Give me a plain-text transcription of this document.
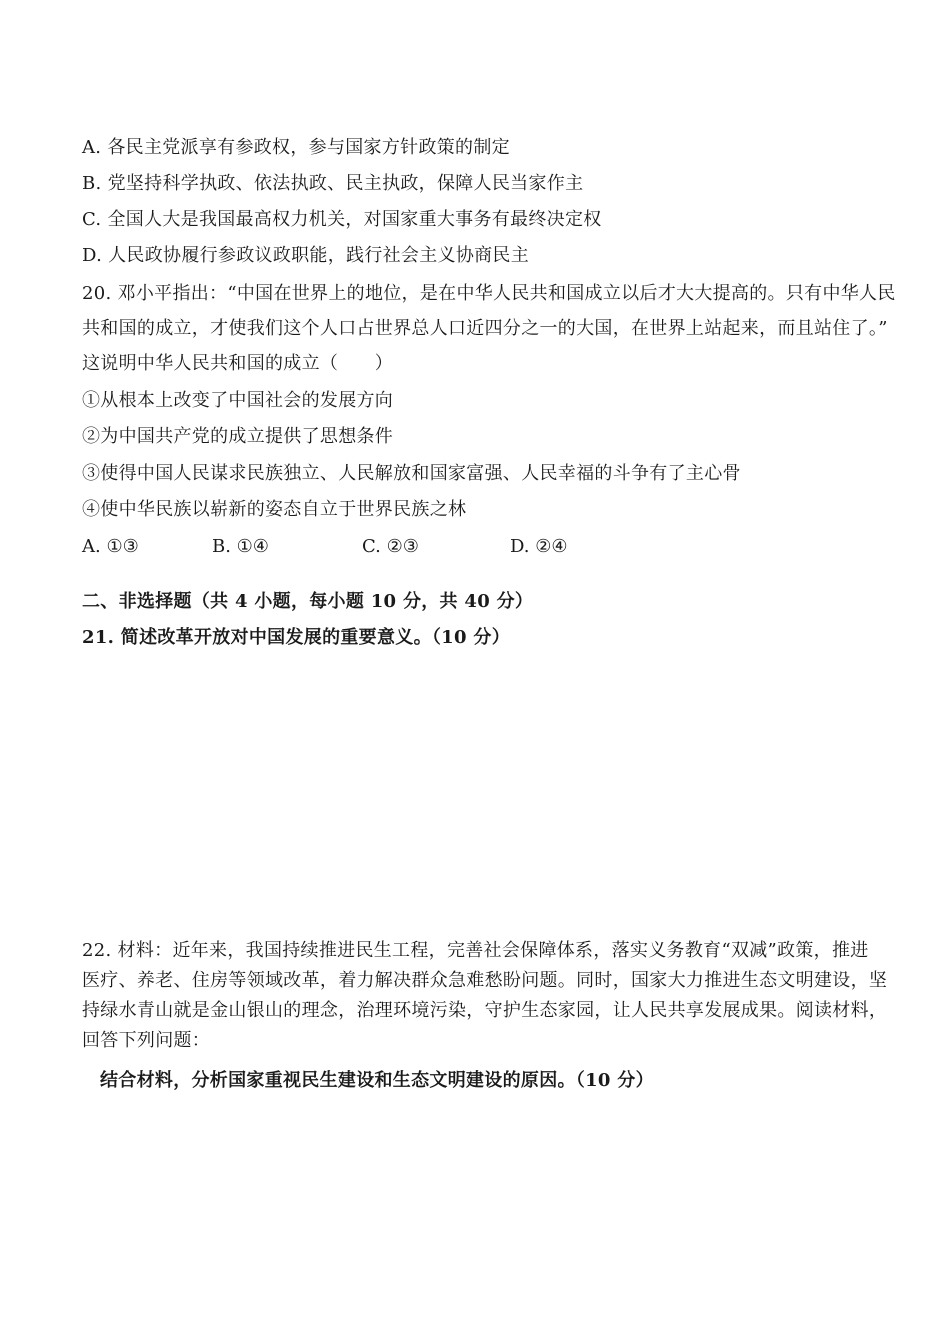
A. 各民主党派享有参政权，参与国家方针政策的制定
B. 党坚持科学执政、依法执政、民主执政，保障人民当家作主
C. 全国人大是我国最高权力机关，对国家重大事务有最终决定权
D. 人民政协履行参政议政职能，践行社会主义协商民主
20. 邓小平指出：“中国在世界上的地位，是在中华人民共和国成立以后才大大提高的。只有中华人民
共和国的成立，才使我们这个人口占世界总人口近四分之一的大国，在世界上站起来，而且站住了。”
这说明中华人民共和国的成立（　　）
①从根本上改变了中国社会的发展方向
②为中国共产党的成立提供了思想条件
③使得中国人民谋求民族独立、人民解放和国家富强、人民幸福的斗争有了主心骨
④使中华民族以崭新的姿态自立于世界民族之林
A. ①③	B. ①④	C. ②③	D. ②④
二、非选择题（共 4 小题，每小题 10 分，共 40 分）
21. 简述改革开放对中国发展的重要意义。（10 分）
22. 材料：近年来，我国持续推进民生工程，完善社会保障体系，落实义务教育“双减”政策，推进
医疗、养老、住房等领域改革，着力解决群众急难愁盼问题。同时，国家大力推进生态文明建设，坚
持绿水青山就是金山银山的理念，治理环境污染，守护生态家园，让人民共享发展成果。阅读材料，
回答下列问题：
结合材料，分析国家重视民生建设和生态文明建设的原因。（10 分）
